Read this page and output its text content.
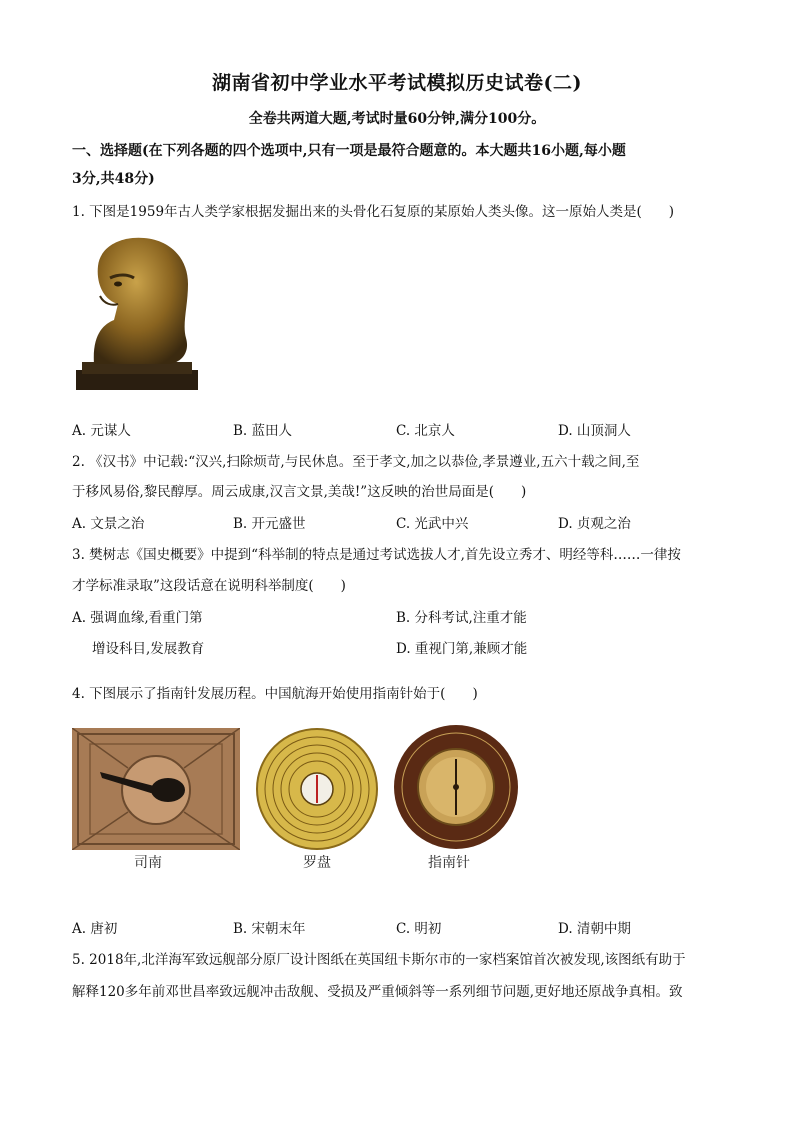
湖南省初中学业水平考试模拟历史试卷(二)
全卷共两道大题,考试时量60分钟,满分100分。
一、选择题(在下列各题的四个选项中,只有一项是最符合题意的。本大题共16小题,每小题
3分,共48分)
1. 下图是1959年古人类学家根据发掘出来的头骨化石复原的某原始人类头像。这一原始人类是(　　)
A. 元谋人	B. 蓝田人	C. 北京人	D. 山顶洞人
2. 《汉书》中记载:“汉兴,扫除烦苛,与民休息。至于孝文,加之以恭俭,孝景遵业,五六十载之间,至
于移风易俗,黎民醇厚。周云成康,汉言文景,美哉!”这反映的治世局面是(　　)
A. 文景之治	B. 开元盛世	C. 光武中兴	D. 贞观之治
3. 樊树志《国史概要》中提到“科举制的特点是通过考试选拔人才,首先设立秀才、明经等科……一律按
才学标准录取”这段话意在说明科举制度(　　)
A. 强调血缘,看重门第	B. 分科考试,注重才能
增设科目,发展教育	D. 重视门第,兼顾才能
4. 下图展示了指南针发展历程。中国航海开始使用指南针始于(　　)
司南	罗盘	指南针
A. 唐初	B. 宋朝末年	C. 明初	D. 清朝中期
5. 2018年,北洋海军致远舰部分原厂设计图纸在英国纽卡斯尔市的一家档案馆首次被发现,该图纸有助于
解释120多年前邓世昌率致远舰冲击敌舰、受损及严重倾斜等一系列细节问题,更好地还原战争真相。致
